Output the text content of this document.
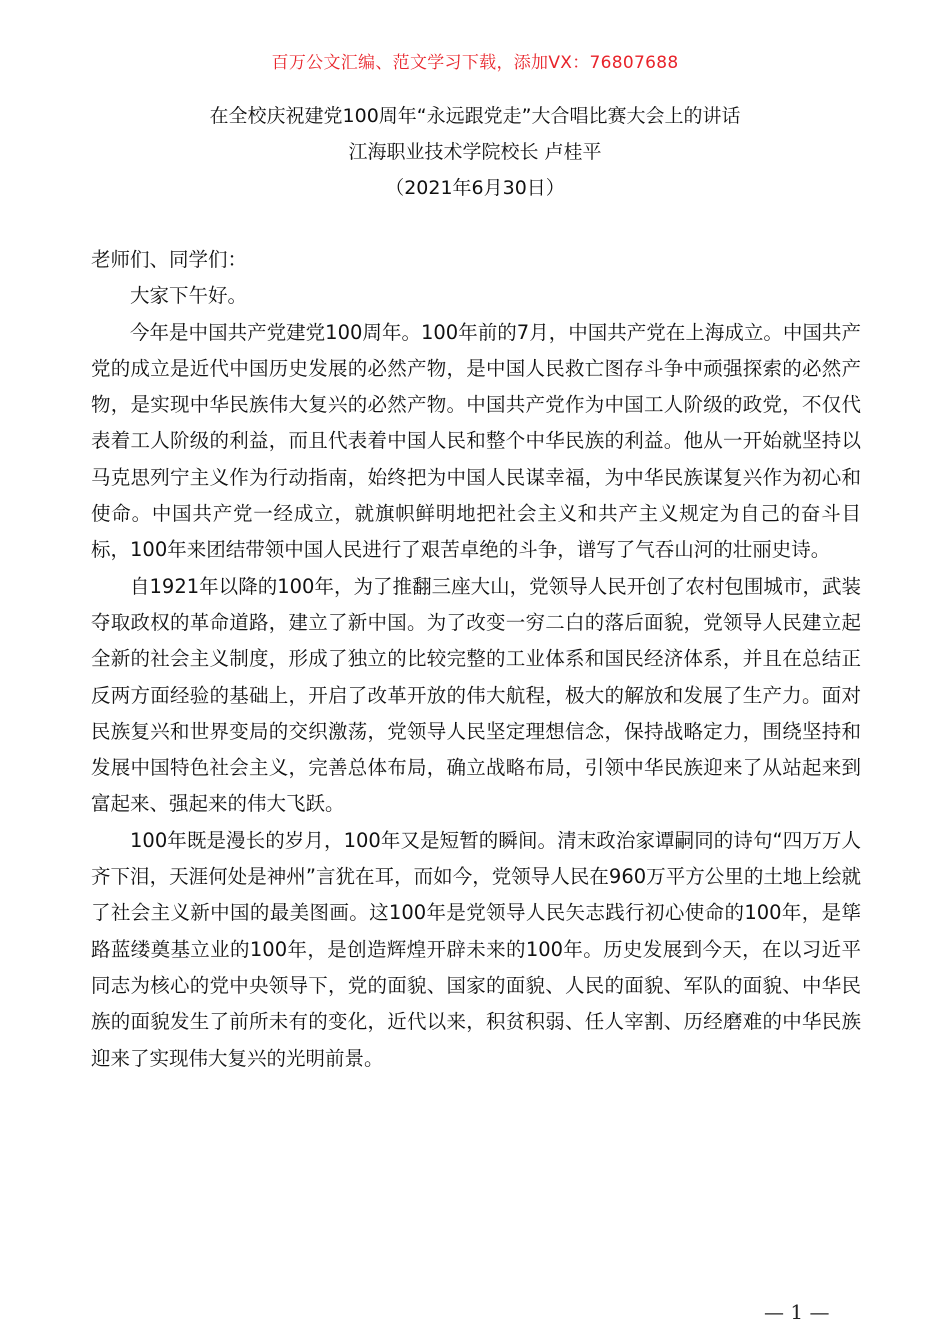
百万公文汇编、范文学习下载，添加VX：76807688
在全校庆祝建党100周年“永远跟党走”大合唱比赛大会上的讲话
江海职业技术学院校长 卢桂平
（2021年6月30日）

老师们、同学们：

大家下午好。

今年是中国共产党建党100周年。100年前的7月，中国共产党在上海成立。中国共产党的成立是近代中国历史发展的必然产物，是中国人民救亡图存斗争中顽强探索的必然产物，是实现中华民族伟大复兴的必然产物。中国共产党作为中国工人阶级的政党，不仅代表着工人阶级的利益，而且代表着中国人民和整个中华民族的利益。他从一开始就坚持以马克思列宁主义作为行动指南，始终把为中国人民谋幸福，为中华民族谋复兴作为初心和使命。中国共产党一经成立，就旗帜鲜明地把社会主义和共产主义规定为自己的奋斗目标，100年来团结带领中国人民进行了艰苦卓绝的斗争，谱写了气吞山河的壮丽史诗。

自1921年以降的100年，为了推翻三座大山，党领导人民开创了农村包围城市，武装夺取政权的革命道路，建立了新中国。为了改变一穷二白的落后面貌，党领导人民建立起全新的社会主义制度，形成了独立的比较完整的工业体系和国民经济体系，并且在总结正反两方面经验的基础上，开启了改革开放的伟大航程，极大的解放和发展了生产力。面对民族复兴和世界变局的交织激荡，党领导人民坚定理想信念，保持战略定力，围绕坚持和发展中国特色社会主义，完善总体布局，确立战略布局，引领中华民族迎来了从站起来到富起来、强起来的伟大飞跃。

100年既是漫长的岁月，100年又是短暂的瞬间。清末政治家谭嗣同的诗句“四万万人齐下泪，天涯何处是神州”言犹在耳，而如今，党领导人民在960万平方公里的土地上绘就了社会主义新中国的最美图画。这100年是党领导人民矢志践行初心使命的100年，是筚路蓝缕奠基立业的100年，是创造辉煌开辟未来的100年。历史发展到今天，在以习近平同志为核心的党中央领导下，党的面貌、国家的面貌、人民的面貌、军队的面貌、中华民族的面貌发生了前所未有的变化，近代以来，积贫积弱、任人宰割、历经磨难的中华民族迎来了实现伟大复兴的光明前景。

— 1 —
